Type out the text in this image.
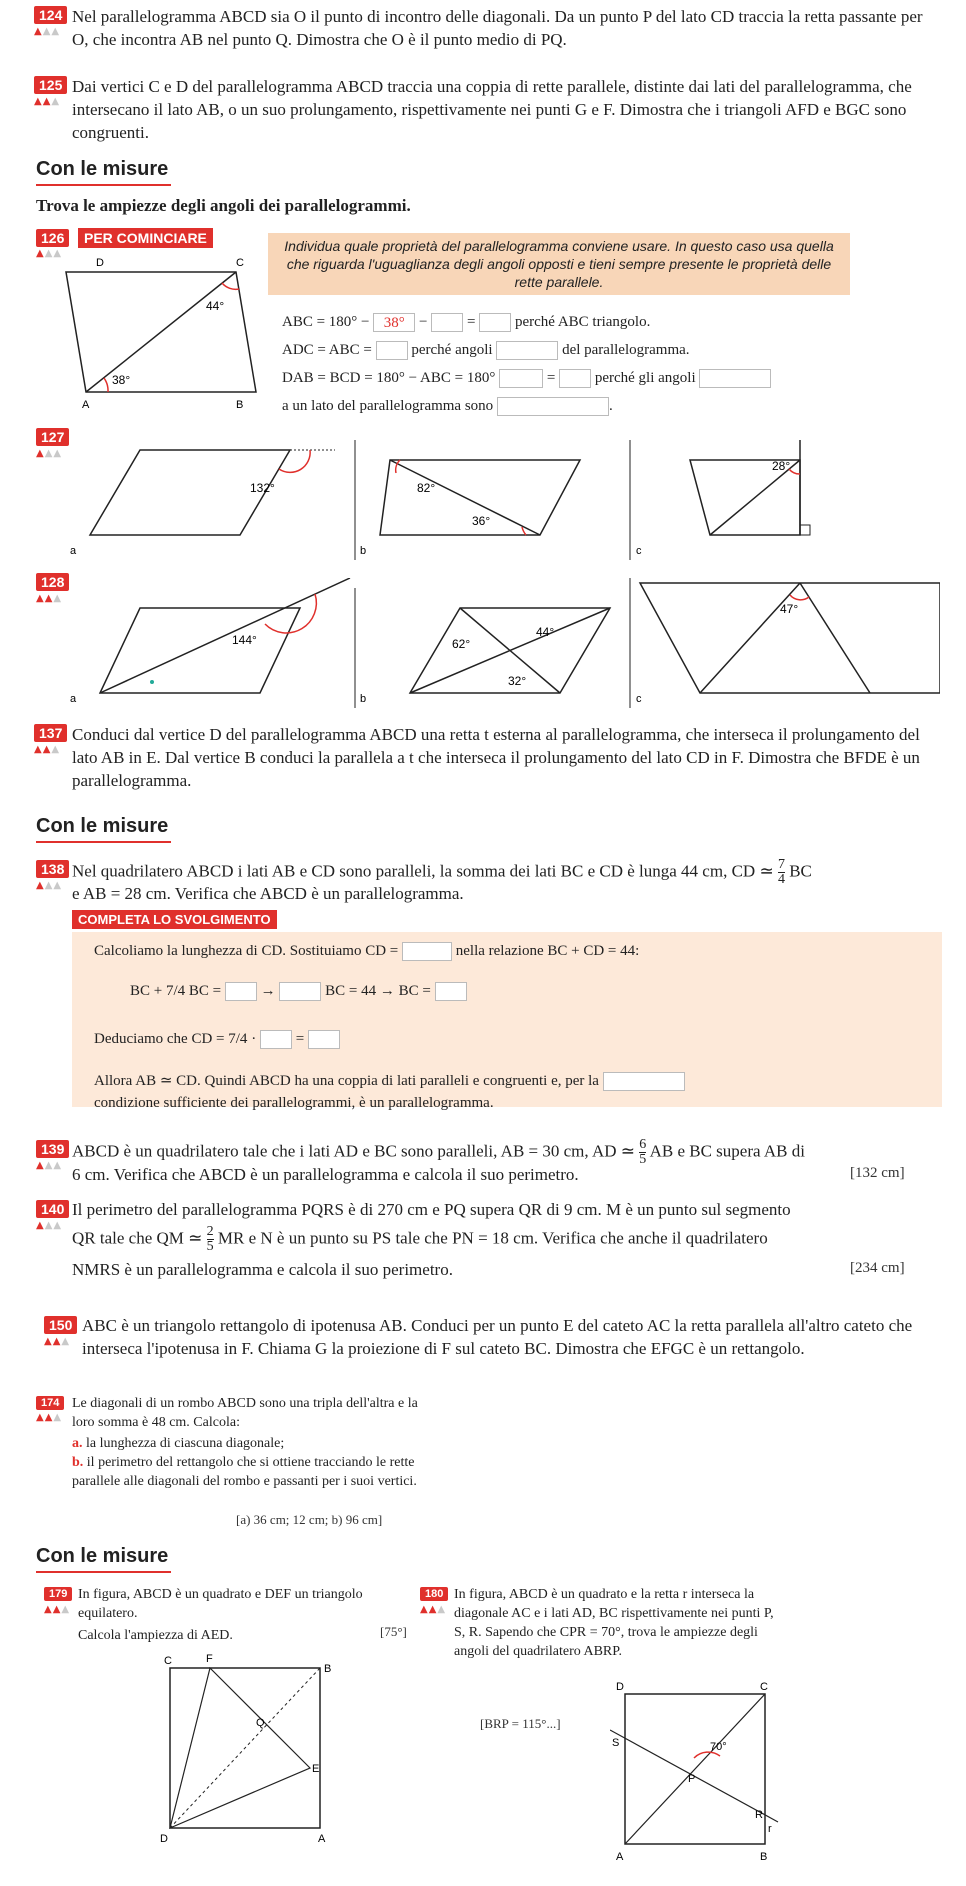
124
▲▲▲
Nel parallelogramma ABCD sia O il punto di incontro delle diagonali. Da un punto P del lato CD traccia la retta passante per O, che incontra AB nel punto Q. Dimostra che O è il punto medio di PQ.
125
▲▲▲
Dai vertici C e D del parallelogramma ABCD traccia una coppia di rette parallele, distinte dai lati del parallelogramma, che intersecano il lato AB, o un suo prolungamento, rispettivamente nei punti G e F. Dimostra che i triangoli AFD e BGC sono congruenti.
Con le misure
Trova le ampiezze degli angoli dei parallelogrammi.
126	PER COMINCIARE
▲▲▲	Individua quale proprietà del parallelogramma conviene usare. In questo caso usa quella che riguarda l'uguaglianza degli angoli opposti e tieni sempre presente le proprietà delle rette parallele.
D	C
A	B
44°
38°
ABC = 180° − 38° −	=	perché ABC triangolo.
ADC = ABC =	perché angoli	del parallelogramma.
DAB = BCD = 180° − ABC = 180°	=	perché gli angoli
a un lato del parallelogramma sono	.
127
▲▲▲
132°
a
82°
36°
b
28°
c
128
▲▲▲
144°
a
62°
44°
32°
b
47°
c
137
▲▲▲
Conduci dal vertice D del parallelogramma ABCD una retta t esterna al parallelogramma, che interseca il prolungamento del lato AB in E. Dal vertice B conduci la parallela a t che interseca il prolungamento del lato CD in F. Dimostra che BFDE è un parallelogramma.
Con le misure
138
▲▲▲
Nel quadrilatero ABCD i lati AB e CD sono paralleli, la somma dei lati BC e CD è lunga 44 cm, CD ≃ $\frac{7}{4}$ BC
e AB = 28 cm. Verifica che ABCD è un parallelogramma.
COMPLETA LO SVOLGIMENTO
Calcoliamo la lunghezza di CD. Sostituiamo CD =	nella relazione BC + CD = 44:
BC + 7/4 BC =	→	BC = 44 → BC =
Deduciamo che CD = 7/4 ·	=
Allora AB ≃ CD. Quindi ABCD ha una coppia di lati paralleli e congruenti e, per la
condizione sufficiente dei parallelogrammi, è un parallelogramma.
139
▲▲▲
ABCD è un quadrilatero tale che i lati AD e BC sono paralleli, AB = 30 cm, AD ≃ $\frac{6}{5}$ AB e BC supera AB di
6 cm. Verifica che ABCD è un parallelogramma e calcola il suo perimetro.	[132 cm]
140
▲▲▲
Il perimetro del parallelogramma PQRS è di 270 cm e PQ supera QR di 9 cm. M è un punto sul segmento
QR tale che QM ≃ $\frac{2}{5}$ MR e N è un punto su PS tale che PN = 18 cm. Verifica che anche il quadrilatero
NMRS è un parallelogramma e calcola il suo perimetro.	[234 cm]
150
▲▲▲
ABC è un triangolo rettangolo di ipotenusa AB. Conduci per un punto E del cateto AC la retta parallela all'altro cateto che interseca l'ipotenusa in F. Chiama G la proiezione di F sul cateto BC. Dimostra che EFGC è un rettangolo.
174
▲▲▲
Le diagonali di un rombo ABCD sono una tripla dell'altra e la loro somma è 48 cm. Calcola:
a. la lunghezza di ciascuna diagonale;
b. il perimetro del rettangolo che si ottiene tracciando le rette parallele alle diagonali del rombo e passanti per i suoi vertici.
[a) 36 cm; 12 cm; b) 96 cm]
Con le misure
179
▲▲▲
In figura, ABCD è un quadrato e DEF un triangolo equilatero.
Calcola l'ampiezza di AED.	[75°]
C	F
B
Q
E
D	A
180
▲▲▲
In figura, ABCD è un quadrato e la retta r interseca la diagonale AC e i lati AD, BC rispettivamente nei punti P, S, R. Sapendo che CPR = 70°, trova le ampiezze degli angoli del quadrilatero ABRP.
[BRP = 115°...]
70°
D	C
S
P
r
R
A	B
